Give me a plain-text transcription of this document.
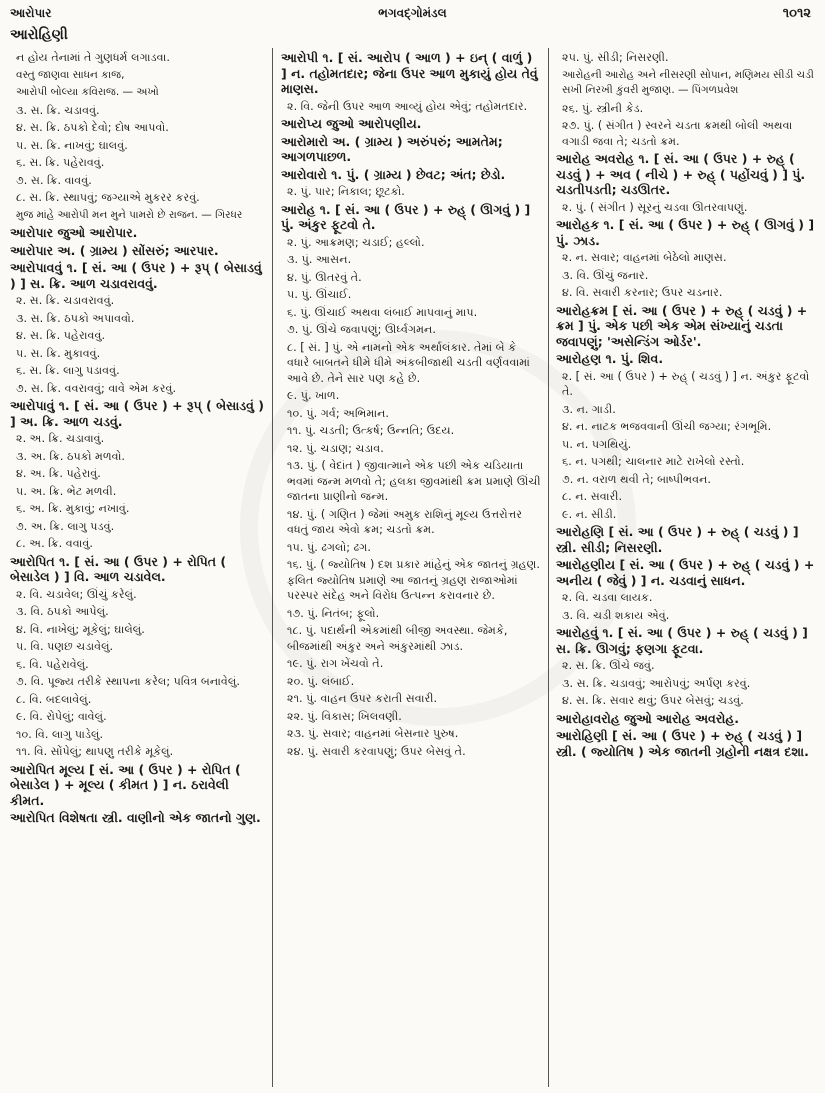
આરોપાર	ભગવદ્ગોમંડલ	૧૦૧૨
આરોહિણી
ન હોય તેનામાં તે ગુણધર્મ લગાડવા.
વસ્તુ જાણવા સાધન કાજ,
આરોપી બોલ્યા કવિરાજ. — અખો
૩. સ. ક્રિ. ચડાવવું.
૪. સ. ક્રિ. ઠપકો દેવો; દોષ આપવો.
૫. સ. ક્રિ. નાખવું; ઘાલવું.
૬. સ. ક્રિ. પહેરાવવું.
૭. સ. ક્રિ. વાવવું.
૮. સ. ક્રિ. સ્થાપવું; જગ્યાએ મુકરર કરવું.
મુજ માંહે આરોપી મન મુને પામરો છે રાજન. — ગિરધર
આરોપાર જુઓ આરોપાર.
આરોપાર અ. ( ગ્રામ્ય ) સોંસરું; આરપાર.
આરોપાવવું ૧. [ સં. આ ( ઉપર ) + રૂપ્ ( બેસાડવું ) ] સ. ક્રિ. આળ ચડાવરાવવું.
૨. સ. ક્રિ. ચડાવરાવવું.
૩. સ. ક્રિ. ઠપકો અપાવવો.
૪. સ. ક્રિ. પહેરાવવું.
૫. સ. ક્રિ. મુકાવવું.
૬. સ. ક્રિ. લાગુ પડાવવું.
૭. સ. ક્રિ. વવરાવવું; વાવે એમ કરવું.
આરોપાવું ૧. [ સં. આ ( ઉપર ) + રૂપ્ ( બેસાડવું ) ] અ. ક્રિ. આળ ચડવું.
૨. અ. ક્રિ. ચડાવાવું.
૩. અ. ક્રિ. ઠપકો મળવો.
૪. અ. ક્રિ. પહેરાવું.
૫. અ. ક્રિ. ભેટ મળવી.
૬. અ. ક્રિ. મુકાવું; નખાવું.
૭. અ. ક્રિ. લાગુ પડવું.
૮. અ. ક્રિ. વવાવું.
આરોપિત ૧. [ સં. આ ( ઉપર ) + રોપિત ( બેસાડેલ ) ] વિ. આળ ચડાવેલ.
૨. વિ. ચડાવેલ; ઊંચું કરેલું.
૩. વિ. ઠપકો આપેલું.
૪. વિ. નાખેલું; મૂકેલું; ઘાલેલું.
૫. વિ. પણછ ચડાવેલું.
૬. વિ. પહેરાવેલું.
૭. વિ. પૂજ્ય તરીકે સ્થાપના કરેલ; પવિત્ર બનાવેલું.
૮. વિ. બદલાવેલું.
૯. વિ. રોપેલું; વાવેલું.
૧૦. વિ. લાગુ પાડેલું.
૧૧. વિ. સોંપેલું; થાપણુ તરીકે મૂકેલું.
આરોપિત મૂલ્ય [ સં. આ ( ઉપર ) + રોપિત ( બેસાડેલ ) + મૂલ્ય ( કીમત ) ] ન. ઠરાવેલી કીમત.
આરોપિત વિશેષતા સ્ત્રી. વાણીનો એક જાતનો ગુણ.
આરોપી ૧. [ સં. આરોપ ( આળ ) + ઇન્ ( વાળું ) ] ન. તહોમતદાર; જેના ઉપર આળ મુકાયું હોય તેવું માણસ.
૨. વિ. જેની ઉપર આળ આવ્યું હોય એવું; તહોમતદાર.
આરોપ્ય જુઓ આરોપણીય.
આરોમારો અ. ( ગ્રામ્ય ) અરુંપરું; આમતેમ; આગળપાછળ.
આરોવારો ૧. પું. ( ગ્રામ્ય ) છેવટ; અંત; છેડો.
૨. પું. પાર; નિકાલ; છૂટકો.
આરોહ ૧. [ સં. આ ( ઉપર ) + રુહ્ ( ઊગવું ) ] પું. અંકુર ફૂટવો તે.
૨. પું. આક્રમણ; ચડાઈ; હલ્લો.
૩. પું. આસન.
૪. પું. ઊતરવું તે.
૫. પું. ઊંચાઈ.
૬. પું. ઊંચાઈ અથવા લંબાઈ માપવાનું માપ.
૭. પું. ઊંચે જવાપણું; ઊર્ધ્વગમન.
૮. [ સં. ] પું. એ નામનો એક અર્થાલંકાર. તેમાં બે કે વધારે બાબતને ધીમે ધીમે અંકબીજાથી ચડતી વર્ણવવામાં આવે છે. તેને સાર પણ કહે છે.
૯. પું. ખાળ.
૧૦. પું. ગર્વ; અભિમાન.
૧૧. પું. ચડતી; ઉત્કર્ષ; ઉન્નતિ; ઉદય.
૧૨. પું. ચડાણ; ચડાવ.
૧૩. પું. ( વેદાંત ) જીવાત્માને એક પછી એક ચડિયાતા ભવમાં જન્મ મળવો તે; હલકા જીવમાંથી ક્રમ પ્રમાણે ઊંચી જાતના પ્રાણીનો જન્મ.
૧૪. પું. ( ગણિત ) જેમાં અમુક રાશિનું મૂલ્ય ઉત્તરોત્તર વધતું જાય એવો ક્રમ; ચડતો ક્રમ.
૧૫. પું. ઢગલો; ઢગ.
૧૬. પું. ( જ્યોતિષ ) દશ પ્રકાર માંહેનું એક જાતનું ગ્રહણ. ફલિત જ્યોતિષ પ્રમાણે આ જાતનું ગ્રહણ રાજાઓમાં પરસ્પર સંદેહ અને વિરોધ ઉત્પન્ન કરાવનાર છે.
૧૭. પું. નિતંબ; ફૂલો.
૧૮. પું. પદાર્થની એકમાંથી બીજી અવસ્થા. જેમકે, બીજમાંથી અંકુર અને અંકુરમાંથી ઝાડ.
૧૯. પું. રાગ ખેંચવો તે.
૨૦. પું. લંબાઈ.
૨૧. પું. વાહન ઉપર કરાતી સવારી.
૨૨. પું. વિકાસ; ખિલવણી.
૨૩. પું. સવાર; વાહનમાં બેસનાર પુરુષ.
૨૪. પું. સવારી કરવાપણું; ઉપર બેસવું તે.
૨૫. પું. સીડી; નિસરણી.
આરોહની આરોહ અને નીસરણી સોપાન, મણિમય સીડી ચડી સખી નિરખી કુંવરી મુજાણ. — પિંગળપ્રવેશ
૨૬. પું. સ્ત્રીની કેડ.
૨૭. પું. ( સંગીત ) સ્વરને ચડતા ક્રમથી બોલી અથવા વગાડી જવા તે; ચડતો ક્રમ.
આરોહ અવરોહ ૧. [ સં. આ ( ઉપર ) + રુહ્ ( ચડવું ) + અવ ( નીચે ) + રુહ્ ( પહોંચવું ) ] પું. ચડતીપડતી; ચડઊતર.
૨. પું. ( સંગીત ) સૂરનું ચડવા ઊતરવાપણું.
આરોહક ૧. [ સં. આ ( ઉપર ) + રુહ્ ( ઊગવું ) ] પું. ઝાડ.
૨. ન. સવાર; વાહનમાં બેઠેલો માણસ.
૩. વિ. ઊંચું જનાર.
૪. વિ. સવારી કરનાર; ઉપર ચડનાર.
આરોહક્રમ [ સં. આ ( ઉપર ) + રુહ્ ( ચડવું ) + ક્રમ ] પું. એક પછી એક એમ સંખ્યાનું ચડતા જવાપણું; 'અસેન્ડિંગ ઓર્ડર'.
આરોહણ ૧. પું. શિવ.
૨. [ સં. આ ( ઉપર ) + રુહ્ ( ચડવું ) ] ન. અંકુર ફૂટવો તે.
૩. ન. ગાડી.
૪. ન. નાટક ભજવવાની ઊંચી જગ્યા; રંગભૂમિ.
૫. ન. પગથિયું.
૬. ન. પગથી; ચાલનાર માટે રાખેલો રસ્તો.
૭. ન. વરાળ થવી તે; બાષ્પીભવન.
૮. ન. સવારી.
૯. ન. સીડી.
આરોહણિ [ સં. આ ( ઉપર ) + રુહ્ ( ચડવું ) ] સ્ત્રી. સીડી; નિસરણી.
આરોહણીય [ સં. આ ( ઉપર ) + રુહ્ ( ચડવું ) + અનીય ( જેવું ) ] ન. ચડવાનું સાધન.
૨. વિ. ચડવા લાયક.
૩. વિ. ચડી શકાય એવું.
આરોહવું ૧. [ સં. આ ( ઉપર ) + રુહ્ ( ચડવું ) ] સ. ક્રિ. ઊગવું; ફણગા ફૂટવા.
૨. સ. ક્રિ. ઊંચે જવું.
૩. સ. ક્રિ. ચડાવવું; આરોપવું; અર્પણ કરવું.
૪. સ. ક્રિ. સવાર થવું; ઉપર બેસવું; ચડવું.
આરોહાવરોહ જુઓ આરોહ અવરોહ.
આરોહિણી [ સં. આ ( ઉપર ) + રુહ્ ( ચડવું ) ] સ્ત્રી. ( જ્યોતિષ ) એક જાતની ગ્રહોની નક્ષત્ર દશા.
